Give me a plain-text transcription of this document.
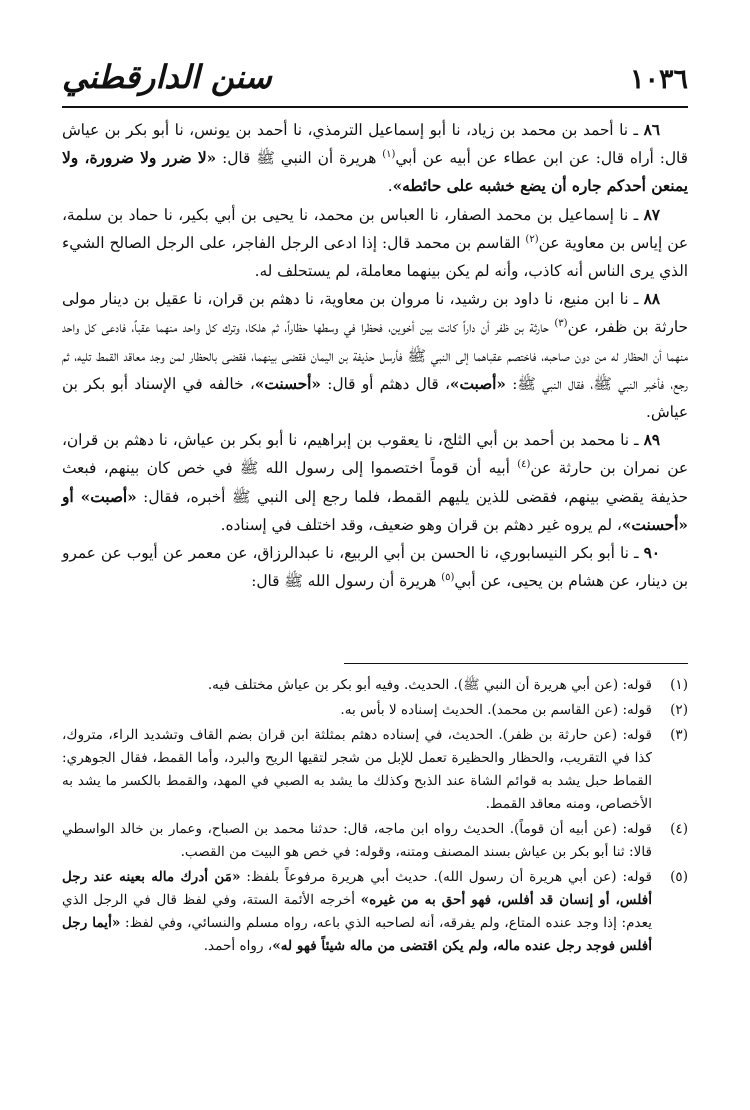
١٠٣٦
سنن الدارقطني

٨٦ ـ نا أحمد بن محمد بن زياد، نا أبو إسماعيل الترمذي، نا أحمد بن يونس، نا أبو بكر بن عياش قال: أراه قال: عن ابن عطاء عن أبيه عن أبي$^{(١)}$ هريرة أن النبي ﷺ قال: «لا ضرر ولا ضرورة، ولا يمنعن أحدكم جاره أن يضع خشبه على حائطه».

٨٧ ـ نا إسماعيل بن محمد الصفار، نا العباس بن محمد، نا يحيى بن أبي بكير، نا حماد بن سلمة، عن إياس بن معاوية عن$^{(٢)}$ القاسم بن محمد قال: إذا ادعى الرجل الفاجر، على الرجل الصالح الشيء الذي يرى الناس أنه كاذب، وأنه لم يكن بينهما معاملة، لم يستحلف له.

٨٨ ـ نا ابن منيع، نا داود بن رشيد، نا مروان بن معاوية، نا دهثم بن قران، نا عقيل بن دينار مولى حارثة بن ظفر، عن$^{(٣)}$ حارثة بن ظفر أن داراً كانت بين أخوين، فحظرا في وسطها حظاراً، ثم هلكا، وترك كل واحد منهما عقباً، فادعى كل واحد منهما أن الحظار له من دون صاحبه، فاختصم عقباهما إلى النبي ﷺ فأرسل حذيفة بن اليمان فقضى بينهما، فقضى بالحظار لمن وجد معاقد القمط تليه، ثم رجع، فأخبر النبي ﷺ، فقال النبي ﷺ: «أصبت»، قال دهثم أو قال: «أحسنت»، خالفه في الإسناد أبو بكر بن عياش.

٨٩ ـ نا محمد بن أحمد بن أبي الثلج، نا يعقوب بن إبراهيم، نا أبو بكر بن عياش، نا دهثم بن قران، عن نمران بن حارثة عن$^{(٤)}$ أبيه أن قوماً اختصموا إلى رسول الله ﷺ في خص كان بينهم، فبعث حذيفة يقضي بينهم، فقضى للذين يليهم القمط، فلما رجع إلى النبي ﷺ أخبره، فقال: «أصبت» أو «أحسنت»، لم يروه غير دهثم بن قران وهو ضعيف، وقد اختلف في إسناده.

٩٠ ـ نا أبو بكر النيسابوري، نا الحسن بن أبي الربيع، نا عبدالرزاق، عن معمر عن أيوب عن عمرو بن دينار، عن هشام بن يحيى، عن أبي$^{(٥)}$ هريرة أن رسول الله ﷺ قال:

(١)
قوله: (عن أبي هريرة أن النبي ﷺ). الحديث. وفيه أبو بكر بن عياش مختلف فيه.
(٢)
قوله: (عن القاسم بن محمد). الحديث إسناده لا بأس به.
(٣)
قوله: (عن حارثة بن ظفر). الحديث، في إسناده دهثم بمثلثة ابن قران بضم القاف وتشديد الراء، متروك، كذا في التقريب، والحظار والحظيرة تعمل للإبل من شجر لتقيها الريح والبرد، وأما القمط، فقال الجوهري: القماط حبل يشد به قوائم الشاة عند الذبح وكذلك ما يشد به الصبي في المهد، والقمط بالكسر ما يشد به الأخصاص، ومنه معاقد القمط.
(٤)
قوله: (عن أبيه أن قوماً). الحديث رواه ابن ماجه، قال: حدثنا محمد بن الصباح، وعمار بن خالد الواسطي قالا: ثنا أبو بكر بن عياش بسند المصنف ومتنه، وقوله: في خص هو البيت من القصب.
(٥)
قوله: (عن أبي هريرة أن رسول الله). حديث أبي هريرة مرفوعاً بلفظ: «مَن أدرك ماله بعينه عند رجل أفلس، أو إنسان قد أفلس، فهو أحق به من غيره» أخرجه الأئمة الستة، وفي لفظ قال في الرجل الذي يعدم: إذا وجد عنده المتاع، ولم يفرقه، أنه لصاحبه الذي باعه، رواه مسلم والنسائي، وفي لفظ: «أيما رجل أفلس فوجد رجل عنده ماله، ولم يكن اقتضى من ماله شيئاً فهو له»، رواه أحمد.
